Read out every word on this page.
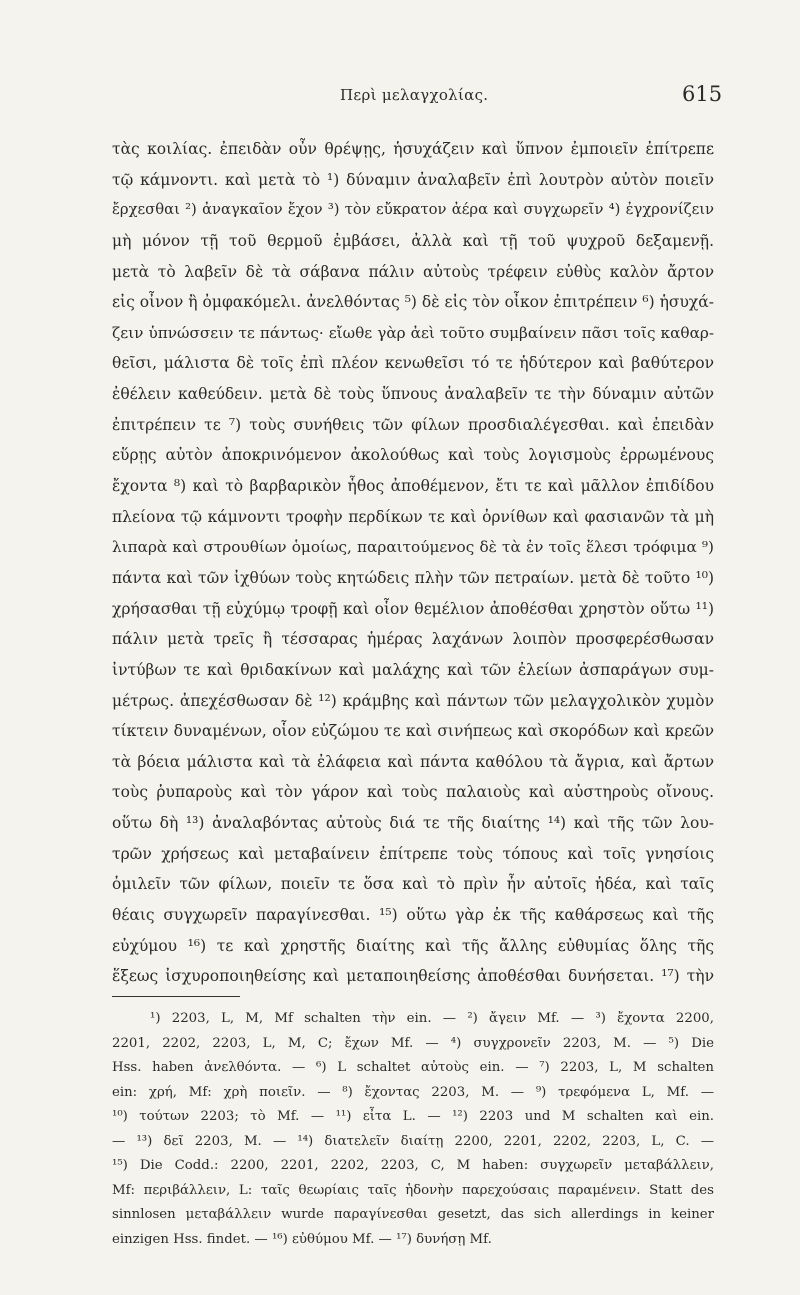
Περὶ μελαγχολίας.	615
τὰς κοιλίας. ἐπειδὰν οὖν θρέψῃς, ἡσυχάζειν καὶ ὕπνον ἐμποιεῖν ἐπίτρεπε
τῷ κάμνοντι. καὶ μετὰ τὸ ¹) δύναμιν ἀναλαβεῖν ἐπὶ λουτρὸν αὐτὸν ποιεῖν
ἔρχεσθαι ²) ἀναγκαῖον ἔχον ³) τὸν εὔκρατον ἀέρα καὶ συγχωρεῖν ⁴) ἐγχρονίζειν
μὴ μόνον τῇ τοῦ θερμοῦ ἐμβάσει, ἀλλὰ καὶ τῇ τοῦ ψυχροῦ δεξαμενῇ.
μετὰ τὸ λαβεῖν δὲ τὰ σάβανα πάλιν αὐτοὺς τρέφειν εὐθὺς καλὸν ἄρτον
εἰς οἶνον ἢ ὀμφακόμελι. ἀνελθόντας ⁵) δὲ εἰς τὸν οἶκον ἐπιτρέπειν ⁶) ἡσυχά-
ζειν ὑπνώσσειν τε πάντως· εἴωθε γὰρ ἀεὶ τοῦτο συμβαίνειν πᾶσι τοῖς καθαρ-
θεῖσι, μάλιστα δὲ τοῖς ἐπὶ πλέον κενωθεῖσι τό τε ἡδύτερον καὶ βαθύτερον
ἐθέλειν καθεύδειν. μετὰ δὲ τοὺς ὕπνους ἀναλαβεῖν τε τὴν δύναμιν αὐτῶν
ἐπιτρέπειν τε ⁷) τοὺς συνήθεις τῶν φίλων προσδιαλέγεσθαι. καὶ ἐπειδὰν
εὕρῃς αὐτὸν ἀποκρινόμενον ἀκολούθως καὶ τοὺς λογισμοὺς ἐρρωμένους
ἔχοντα ⁸) καὶ τὸ βαρβαρικὸν ἦθος ἀποθέμενον, ἔτι τε καὶ μᾶλλον ἐπιδίδου
πλείονα τῷ κάμνοντι τροφὴν περδίκων τε καὶ ὀρνίθων καὶ φασιανῶν τὰ μὴ
λιπαρὰ καὶ στρουθίων ὁμοίως, παραιτούμενος δὲ τὰ ἐν τοῖς ἕλεσι τρόφιμα ⁹)
πάντα καὶ τῶν ἰχθύων τοὺς κητώδεις πλὴν τῶν πετραίων. μετὰ δὲ τοῦτο ¹⁰)
χρήσασθαι τῇ εὐχύμῳ τροφῇ καὶ οἷον θεμέλιον ἀποθέσθαι χρηστὸν οὕτω ¹¹)
πάλιν μετὰ τρεῖς ἢ τέσσαρας ἡμέρας λαχάνων λοιπὸν προσφερέσθωσαν
ἰντύβων τε καὶ θριδακίνων καὶ μαλάχης καὶ τῶν ἐλείων ἀσπαράγων συμ-
μέτρως. ἀπεχέσθωσαν δὲ ¹²) κράμβης καὶ πάντων τῶν μελαγχολικὸν χυμὸν
τίκτειν δυναμένων, οἷον εὐζώμου τε καὶ σινήπεως καὶ σκορόδων καὶ κρεῶν
τὰ βόεια μάλιστα καὶ τὰ ἐλάφεια καὶ πάντα καθόλου τὰ ἄγρια, καὶ ἄρτων
τοὺς ῥυπαροὺς καὶ τὸν γάρον καὶ τοὺς παλαιοὺς καὶ αὐστηροὺς οἴνους.
οὕτω δὴ ¹³) ἀναλαβόντας αὐτοὺς διά τε τῆς διαίτης ¹⁴) καὶ τῆς τῶν λου-
τρῶν χρήσεως καὶ μεταβαίνειν ἐπίτρεπε τοὺς τόπους καὶ τοῖς γνησίοις
ὁμιλεῖν τῶν φίλων, ποιεῖν τε ὅσα καὶ τὸ πρὶν ἦν αὐτοῖς ἡδέα, καὶ ταῖς
θέαις συγχωρεῖν παραγίνεσθαι. ¹⁵) οὕτω γὰρ ἐκ τῆς καθάρσεως καὶ τῆς
εὐχύμου ¹⁶) τε καὶ χρηστῆς διαίτης καὶ τῆς ἄλλης εὐθυμίας ὅλης τῆς
ἕξεως ἰσχυροποιηθείσης καὶ μεταποιηθείσης ἀποθέσθαι δυνήσεται. ¹⁷) τὴν
¹) 2203, L, M, Mf schalten τὴν ein. — ²) ἄγειν Mf. — ³) ἔχοντα 2200,
2201, 2202, 2203, L, M, C; ἔχων Mf. — ⁴) συγχρονεῖν 2203, M. — ⁵) Die
Hss. haben ἀνελθόντα. — ⁶) L schaltet αὐτοὺς ein. — ⁷) 2203, L, M schalten
ein: χρή, Mf: χρὴ ποιεῖν. — ⁸) ἔχοντας 2203, M. — ⁹) τρεφόμενα L, Mf. —
¹⁰) τούτων 2203; τὸ Mf. — ¹¹) εἶτα L. — ¹²) 2203 und M schalten καὶ ein.
— ¹³) δεῖ 2203, M. — ¹⁴) διατελεῖν διαίτῃ 2200, 2201, 2202, 2203, L, C. —
¹⁵) Die Codd.: 2200, 2201, 2202, 2203, C, M haben: συγχωρεῖν μεταβάλλειν,
Mf: περιβάλλειν, L: ταῖς θεωρίαις ταῖς ἡδονὴν παρεχούσαις παραμένειν. Statt des
sinnlosen μεταβάλλειν wurde παραγίνεσθαι gesetzt, das sich allerdings in keiner
einzigen Hss. findet. — ¹⁶) εὐθύμου Mf. — ¹⁷) δυνήσῃ Mf.
